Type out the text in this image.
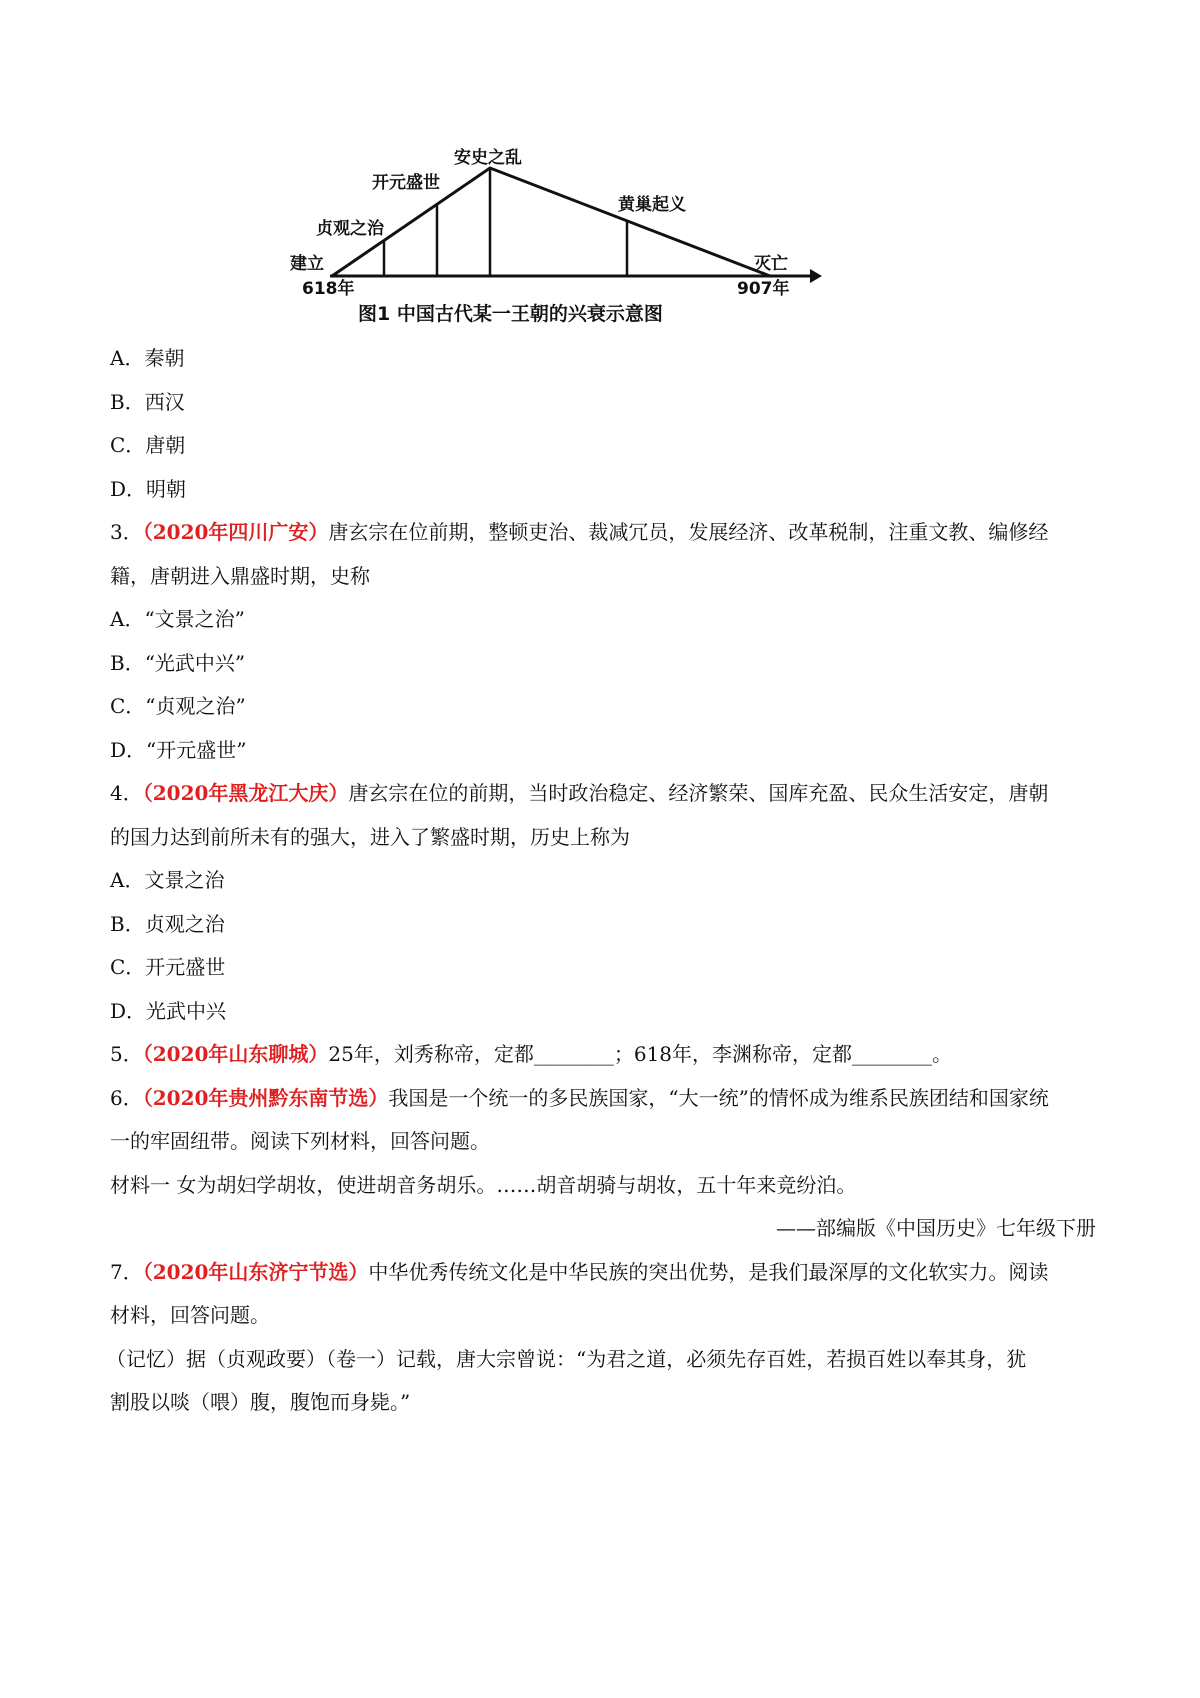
建立
618年
贞观之治
开元盛世
安史之乱
黄巢起义
灭亡
907年
图1 中国古代某一王朝的兴衰示意图
A．秦朝
B．西汉
C．唐朝
D．明朝
3．（2020年四川广安）唐玄宗在位前期，整顿吏治、裁减冗员，发展经济、改革税制，注重文教、编修经
籍，唐朝进入鼎盛时期，史称
A．“文景之治”
B．“光武中兴”
C．“贞观之治”
D．“开元盛世”
4．（2020年黑龙江大庆）唐玄宗在位的前期，当时政治稳定、经济繁荣、国库充盈、民众生活安定，唐朝
的国力达到前所未有的强大，进入了繁盛时期，历史上称为
A．文景之治
B．贞观之治
C．开元盛世
D．光武中兴
5．（2020年山东聊城）25年，刘秀称帝，定都________；618年，李渊称帝，定都________。
6．（2020年贵州黔东南节选）我国是一个统一的多民族国家，“大一统”的情怀成为维系民族团结和国家统
一的牢固纽带。阅读下列材料，回答问题。
材料一 女为胡妇学胡妆，使进胡音务胡乐。……胡音胡骑与胡妆，五十年来竞纷泊。
——部编版《中国历史》七年级下册
7．（2020年山东济宁节选）中华优秀传统文化是中华民族的突出优势，是我们最深厚的文化软实力。阅读
材料，回答问题。
（记忆）据（贞观政要）（卷一）记载，唐大宗曾说：“为君之道，必须先存百姓，若损百姓以奉其身，犹
割股以啖（喂）腹，腹饱而身毙。”
